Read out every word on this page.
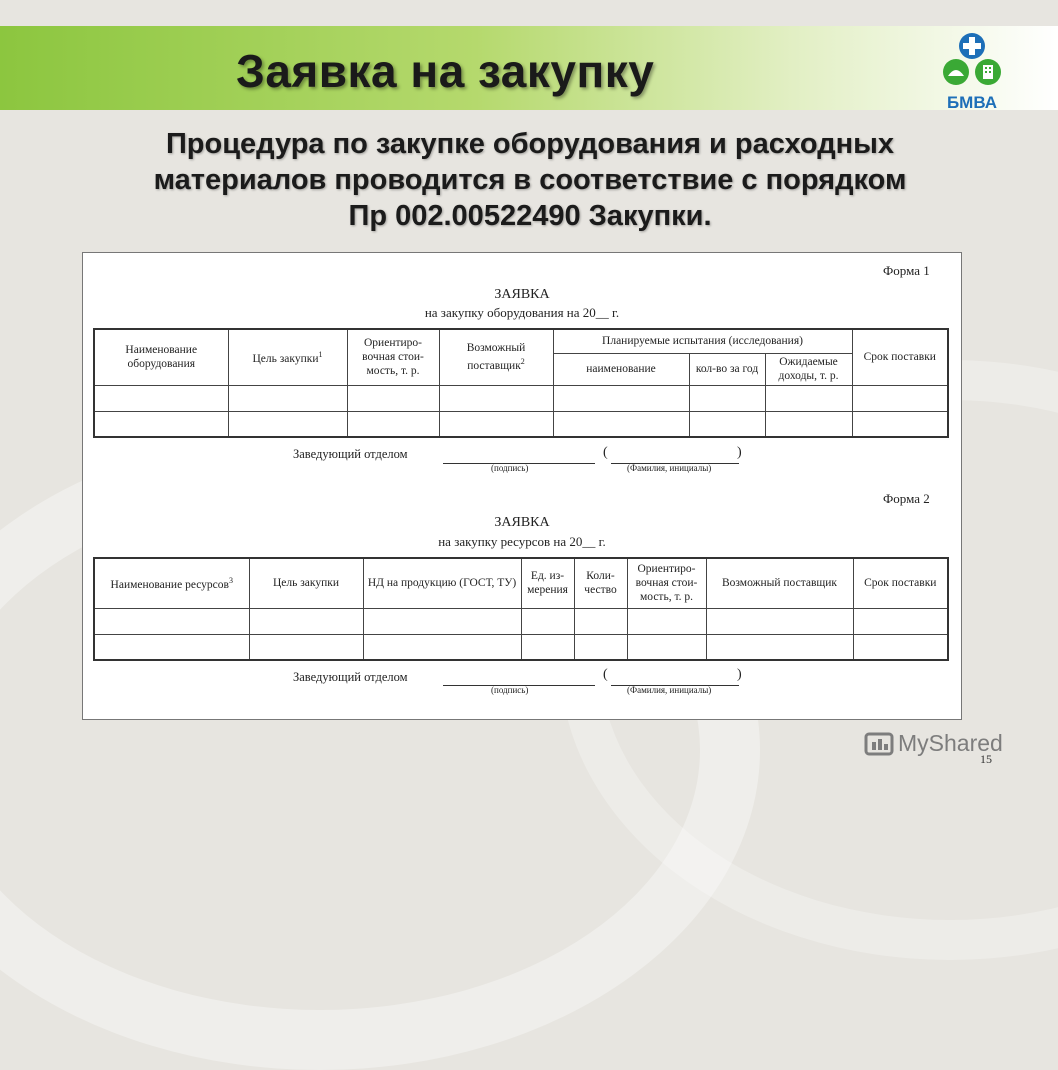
Заявка на закупку
БМВА
Процедура по закупке оборудования и расходных
материалов проводится в соответствие с порядком
Пр 002.00522490 Закупки.
Форма 1
ЗАЯВКА
на закупку оборудования на 20__ г.
Наименование оборудования	Цель закупки$^1$	Ориентиро-вочная стои-мость, т. р.	Возможный поставщик$^2$	Планируемые испытания (исследования)			Срок поставки
				наименование	кол-во за год	Ожидаемые доходы, т. р.	

Заведующий отделом
(подпись)
(	)
(Фамилия, инициалы)
Форма 2
ЗАЯВКА
на закупку ресурсов на 20__ г.
Наименование ресурсов$^3$	Цель закупки	НД на продукцию (ГОСТ, ТУ)	Ед. из-мерения	Коли-чество	Ориентиро-вочная стои-мость, т. р.	Возможный поставщик	Срок поставки

Заведующий отделом
(подпись)
(	)
(Фамилия, инициалы)
MyShared
15
